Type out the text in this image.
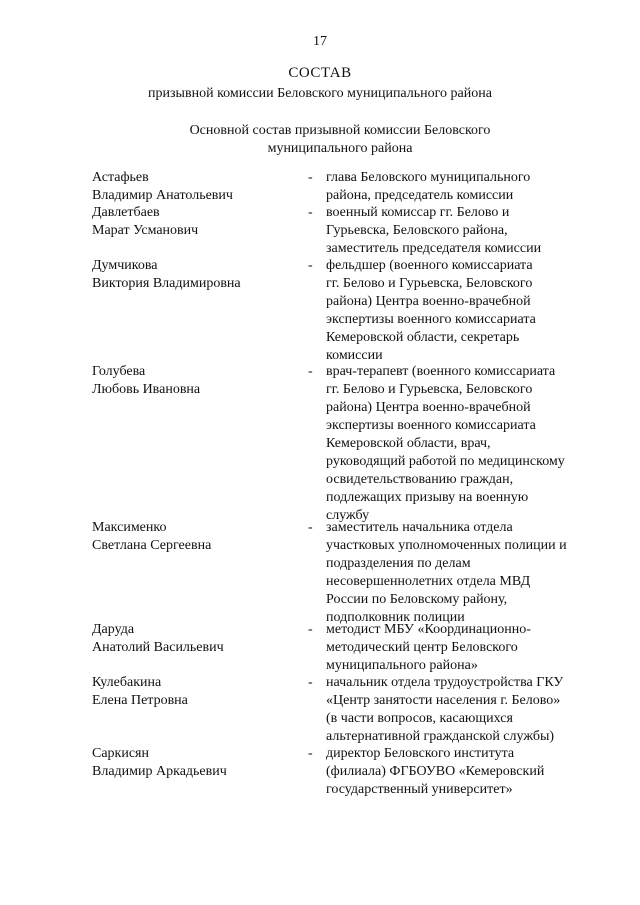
17
СОСТАВ
призывной комиссии Беловского муниципального района
Основной состав призывной комиссии Беловского
муниципального района
Астафьев
Владимир Анатольевич
- глава Беловского муниципального
района, председатель комиссии
Давлетбаев
Марат Усманович
- военный комиссар гг. Белово и
Гурьевска, Беловского района,
заместитель председателя комиссии
Думчикова
Виктория Владимировна
- фельдшер (военного комиссариата
гг. Белово и Гурьевска, Беловского
района) Центра военно-врачебной
экспертизы военного комиссариата
Кемеровской области, секретарь
комиссии
Голубева
Любовь Ивановна
- врач-терапевт (военного комиссариата
гг. Белово и Гурьевска, Беловского
района) Центра военно-врачебной
экспертизы военного комиссариата
Кемеровской области, врач,
руководящий работой по медицинскому
освидетельствованию граждан,
подлежащих призыву на военную
службу
Максименко
Светлана Сергеевна
- заместитель начальника отдела
участковых уполномоченных полиции и
подразделения по делам
несовершеннолетних отдела МВД
России по Беловскому району,
подполковник полиции
Даруда
Анатолий Васильевич
- методист МБУ «Координационно-
методический центр Беловского
муниципального района»
Кулебакина
Елена Петровна
- начальник отдела трудоустройства ГКУ
«Центр занятости населения г. Белово»
(в части вопросов, касающихся
альтернативной гражданской службы)
Саркисян
Владимир Аркадьевич
- директор Беловского института
(филиала) ФГБОУВО «Кемеровский
государственный университет»
